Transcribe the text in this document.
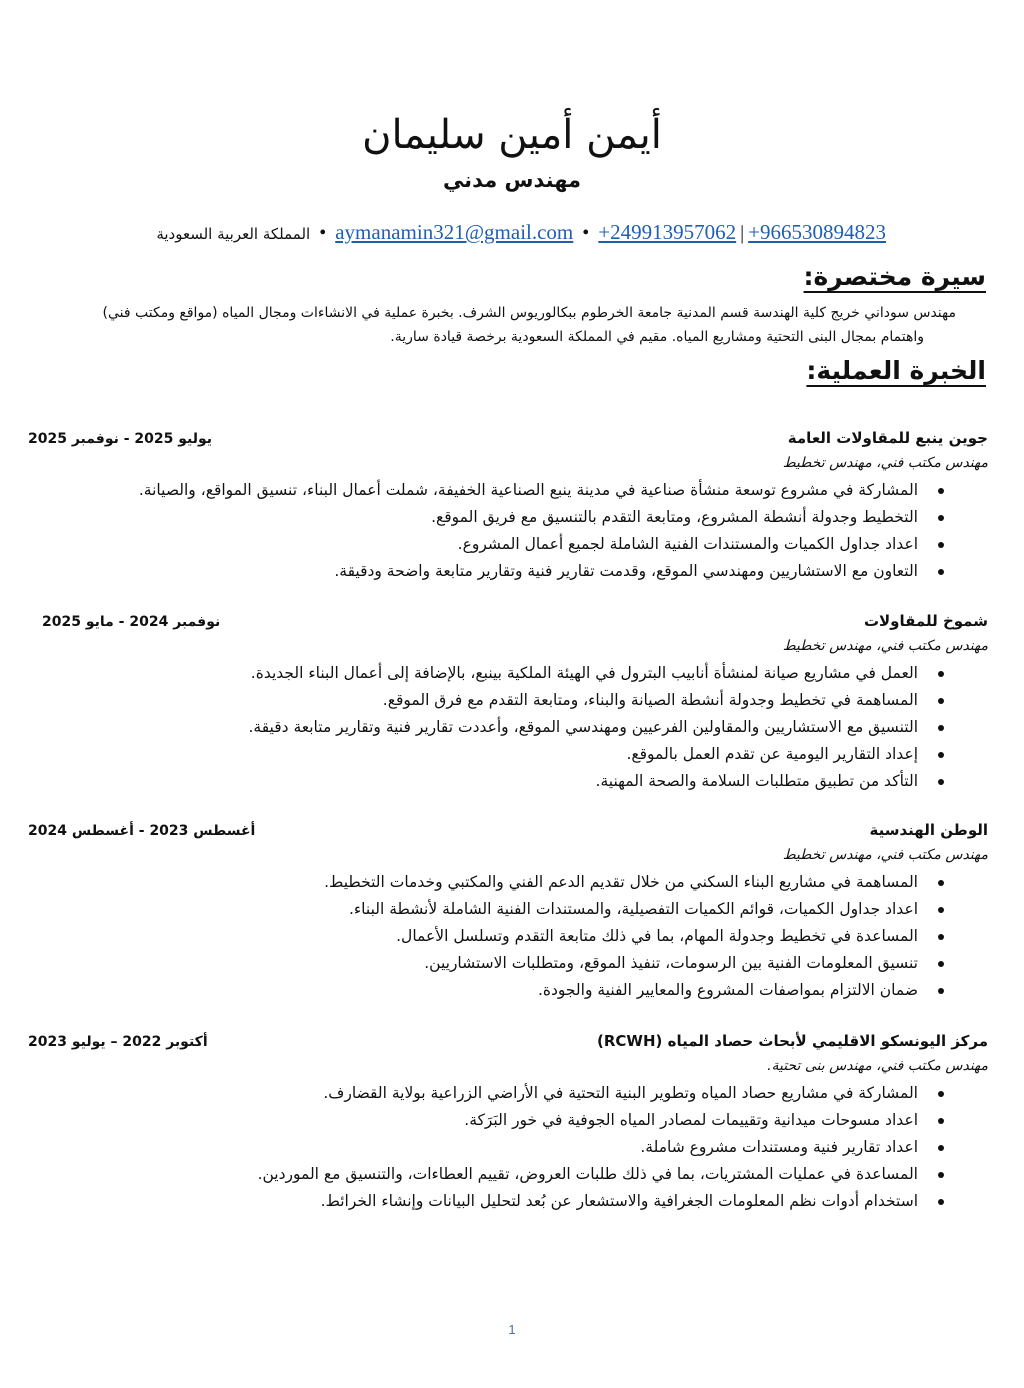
أيمن أمين سليمان
مهندس مدني
+966530894823|+249913957062 • aymanamin321@gmail.com • المملكة العربية السعودية
سيرة مختصرة:

مهندس سوداني خريج كلية الهندسة قسم المدنية جامعة الخرطوم ببكالوريوس الشرف. بخبرة عملية في الانشاءات ومجال المياه (مواقع ومكتب فني)

واهتمام بمجال البنى التحتية ومشاريع المياه. مقيم في المملكة السعودية برخصة قيادة سارية.

الخبرة العملية:
جوين ينبع للمقاولات العامة
يوليو 2025 - نوفمبر 2025
مهندس مكتب فني، مهندس تخطيط
المشاركة في مشروع توسعة منشأة صناعية في مدينة ينبع الصناعية الخفيفة، شملت أعمال البناء، تنسيق المواقع، والصيانة.
التخطيط وجدولة أنشطة المشروع، ومتابعة التقدم بالتنسيق مع فريق الموقع.
اعداد جداول الكميات والمستندات الفنية الشاملة لجميع أعمال المشروع.
التعاون مع الاستشاريين ومهندسي الموقع، وقدمت تقارير فنية وتقارير متابعة واضحة ودقيقة.
شموخ للمقاولات
نوفمبر 2024 - مايو 2025
مهندس مكتب فني، مهندس تخطيط
العمل في مشاريع صيانة لمنشأة أنابيب البترول في الهيئة الملكية بينبع، بالإضافة إلى أعمال البناء الجديدة.
المساهمة في تخطيط وجدولة أنشطة الصيانة والبناء، ومتابعة التقدم مع فرق الموقع.
التنسيق مع الاستشاريين والمقاولين الفرعيين ومهندسي الموقع، وأعددت تقارير فنية وتقارير متابعة دقيقة.
إعداد التقارير اليومية عن تقدم العمل بالموقع.
التأكد من تطبيق متطلبات السلامة والصحة المهنية.
الوطن الهندسية
أغسطس 2023 - أغسطس 2024
مهندس مكتب فني، مهندس تخطيط
المساهمة في مشاريع البناء السكني من خلال تقديم الدعم الفني والمكتبي وخدمات التخطيط.
اعداد جداول الكميات، قوائم الكميات التفصيلية، والمستندات الفنية الشاملة لأنشطة البناء.
المساعدة في تخطيط وجدولة المهام، بما في ذلك متابعة التقدم وتسلسل الأعمال.
تنسيق المعلومات الفنية بين الرسومات، تنفيذ الموقع، ومتطلبات الاستشاريين.
ضمان الالتزام بمواصفات المشروع والمعايير الفنية والجودة.
مركز اليونسكو الاقليمي لأبحاث حصاد المياه (RCWH)
أكتوبر 2022 – يوليو 2023
مهندس مكتب فني، مهندس بنى تحتية.
المشاركة في مشاريع حصاد المياه وتطوير البنية التحتية في الأراضي الزراعية بولاية القضارف.
اعداد مسوحات ميدانية وتقييمات لمصادر المياه الجوفية في خور البَرَكة.
اعداد تقارير فنية ومستندات مشروع شاملة.
المساعدة في عمليات المشتريات، بما في ذلك طلبات العروض، تقييم العطاءات، والتنسيق مع الموردين.
استخدام أدوات نظم المعلومات الجغرافية والاستشعار عن بُعد لتحليل البيانات وإنشاء الخرائط.
1
